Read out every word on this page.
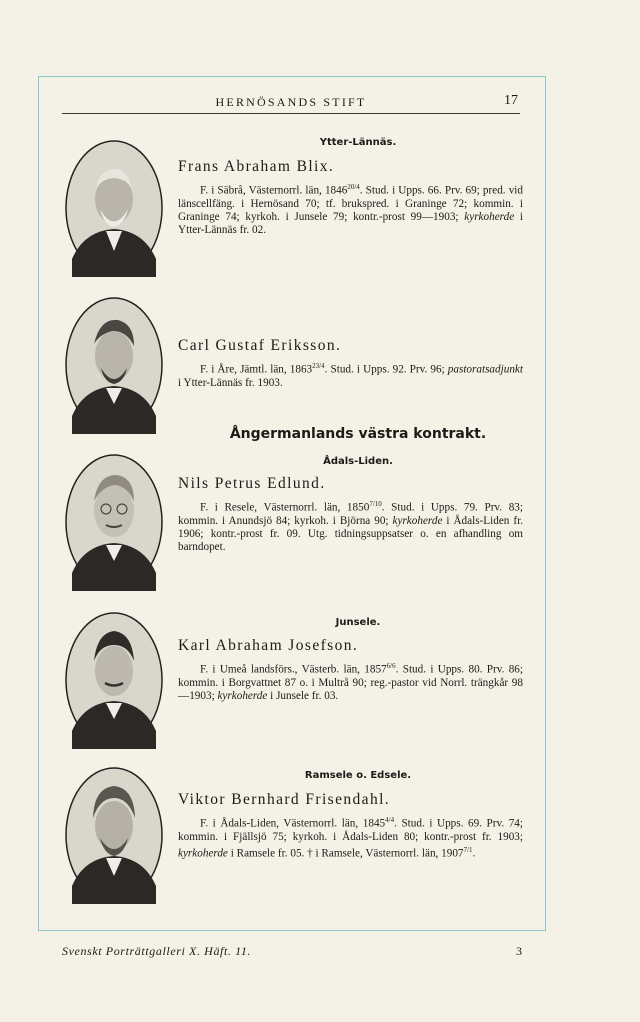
HERNÖSANDS STIFT	17
Ytter-Lännäs.
Frans Abraham Blix.

F. i Säbrå, Västernorrl. län, $1846^{20/4}$. Stud. i Upps. 66. Prv. 69; pred. vid länscellfäng. i Hernösand 70; tf. brukspred. i Graninge 72; kommin. i Graninge 74; kyrkoh. i Junsele 79; kontr.-prost 99—1903; kyrkoherde i Ytter-Lännäs fr. 02.

Carl Gustaf Eriksson.

F. i Åre, Jämtl. län, $1863^{23/4}$. Stud. i Upps. 92. Prv. 96; pastoratsadjunkt i Ytter-Lännäs fr. 1903.

Ångermanlands västra kontrakt.
Ådals-Liden.
Nils Petrus Edlund.

F. i Resele, Västernorrl. län, $1850^{7/10}$. Stud. i Upps. 79. Prv. 83; kommin. i Anundsjö 84; kyrkoh. i Björna 90; kyrkoherde i Ådals-Liden fr. 1906; kontr.-prost fr. 09. Utg. tidningsuppsatser o. en afhandling om barndopet.

Junsele.
Karl Abraham Josefson.

F. i Umeå landsförs., Västerb. län, $1857^{6/6}$. Stud. i Upps. 80. Prv. 86; kommin. i Borgvattnet 87 o. i Multrå 90; reg.-pastor vid Norrl. trängkår 98—1903; kyrkoherde i Junsele fr. 03.

Ramsele o. Edsele.
Viktor Bernhard Frisendahl.

F. i Ådals-Liden, Västernorrl. län, $1845^{4/4}$. Stud. i Upps. 69. Prv. 74; kommin. i Fjällsjö 75; kyrkoh. i Ådals-Liden 80; kontr.-prost fr. 1903; kyrkoherde i Ramsele fr. 05. † i Ramsele, Västernorrl. län, $1907^{7/1}$.

Svenskt Porträttgalleri X. Häft. 11.	3
